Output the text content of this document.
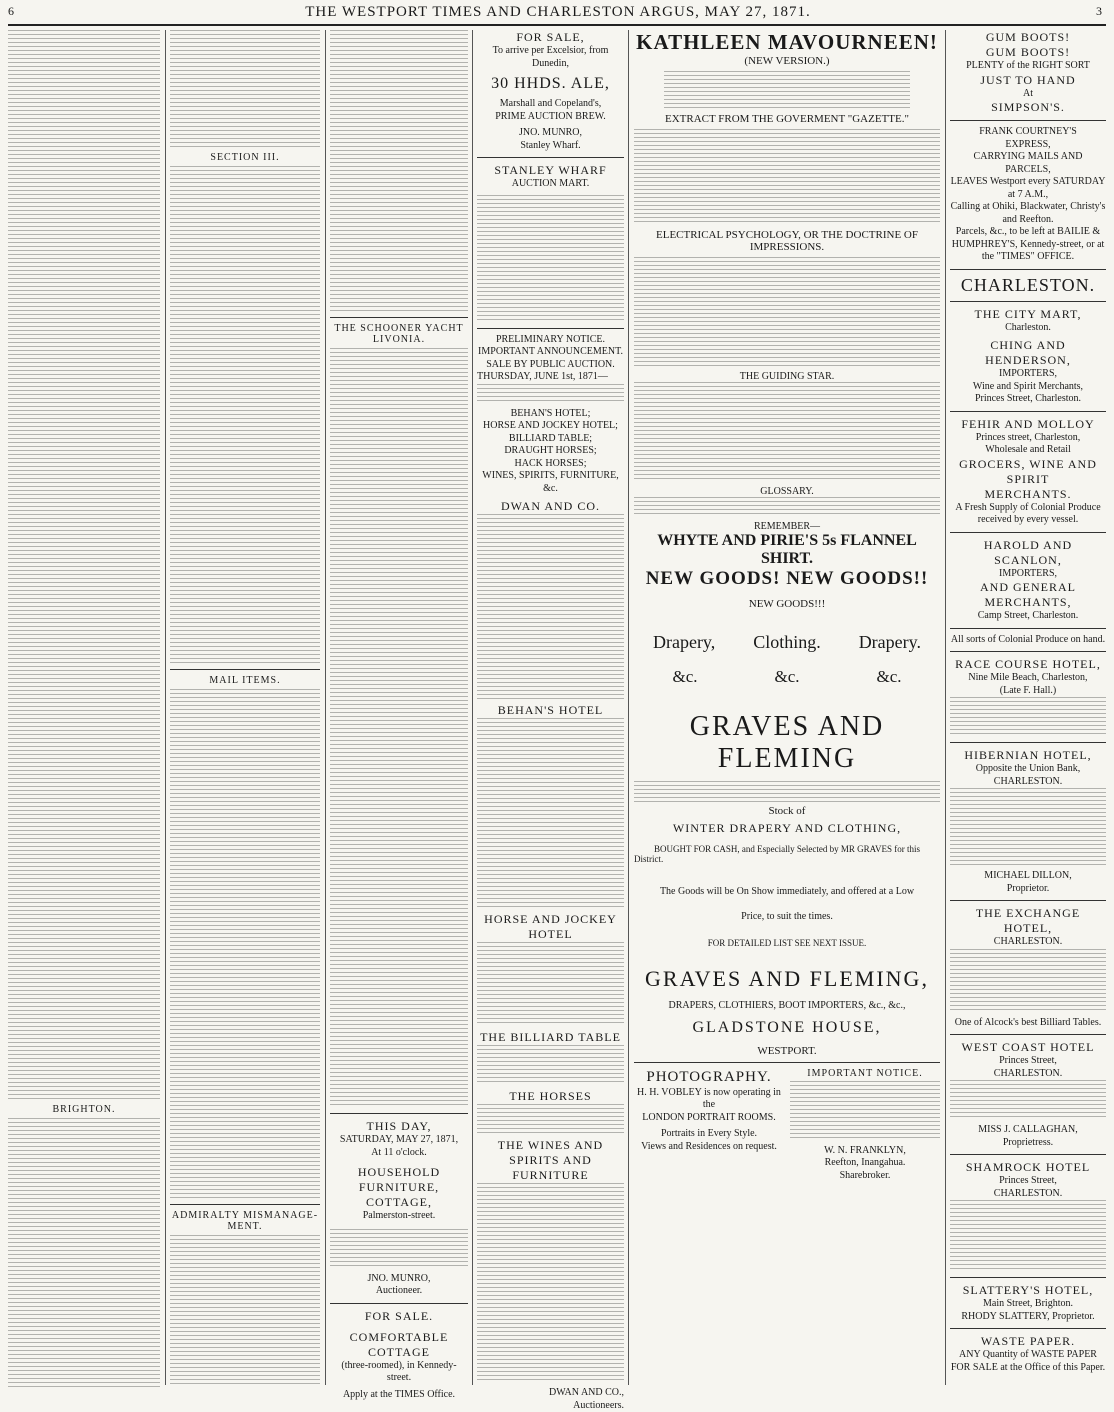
6	THE WESTPORT TIMES AND CHARLESTON ARGUS, MAY 27, 1871.	3
BRIGHTON.
SECTION III.
MAIL ITEMS.
ADMIRALTY MISMANAGE-MENT.
THE SCHOONER YACHT LIVONIA.
THIS DAY,
SATURDAY, MAY 27, 1871,
At 11 o'clock.
HOUSEHOLD FURNITURE, COTTAGE,
Palmerston-street.
JNO. MUNRO,
Auctioneer.
FOR SALE.
COMFORTABLE COTTAGE
(three-roomed), in Kennedy-street.
Apply at the TIMES Office.
FOR SALE,
To arrive per Excelsior, from Dunedin,
30 HHDS. ALE,
Marshall and Copeland's,
PRIME AUCTION BREW.
JNO. MUNRO,
Stanley Wharf.
STANLEY WHARF
AUCTION MART.
PRELIMINARY NOTICE.
IMPORTANT ANNOUNCEMENT.
SALE BY PUBLIC AUCTION.
THURSDAY, JUNE 1st, 1871—
BEHAN'S HOTEL;
HORSE AND JOCKEY HOTEL;
BILLIARD TABLE;
DRAUGHT HORSES;
HACK HORSES;
WINES, SPIRITS, FURNITURE, &c.
DWAN AND CO.
BEHAN'S HOTEL
HORSE AND JOCKEY HOTEL
THE BILLIARD TABLE
THE HORSES
THE WINES AND SPIRITS AND FURNITURE
DWAN AND CO.,
Auctioneers.
KATHLEEN MAVOURNEEN!
(NEW VERSION.)
EXTRACT FROM THE GOVERMENT "GAZETTE."
ELECTRICAL PSYCHOLOGY, OR THE DOCTRINE OF IMPRESSIONS.
THE GUIDING STAR.
GLOSSARY.
REMEMBER—
WHYTE AND PIRIE'S 5s FLANNEL SHIRT.
NEW GOODS! NEW GOODS!!
NEW GOODS!!!
Drapery, Clothing. Drapery.
&c.	&c.	&c.
GRAVES AND FLEMING
Stock of
WINTER DRAPERY AND CLOTHING,
BOUGHT FOR CASH, and Especially Selected by MR GRAVES for this
District.
The Goods will be On Show immediately, and offered at a Low
Price, to suit the times.
FOR DETAILED LIST SEE NEXT ISSUE.
GRAVES AND FLEMING,
DRAPERS, CLOTHIERS, BOOT IMPORTERS, &c., &c.,
GLADSTONE HOUSE,
WESTPORT.
PHOTOGRAPHY.
H. H. VOBLEY is now operating in the
LONDON PORTRAIT ROOMS.
Portraits in Every Style.
Views and Residences on request.
IMPORTANT NOTICE.
W. N. FRANKLYN,
Reefton, Inangahua.
Sharebroker.
GUM BOOTS!
GUM BOOTS!
PLENTY of the RIGHT SORT
JUST TO HAND
At
SIMPSON'S.
FRANK COURTNEY'S
EXPRESS,
CARRYING MAILS AND PARCELS,
LEAVES Westport every SATURDAY at 7 A.M.,
Calling at Ohiki, Blackwater, Christy's and Reefton.
Parcels, &c., to be left at BAILIE & HUMPHREY'S, Kennedy-street, or at the "TIMES" OFFICE.
CHARLESTON.
THE CITY MART,
Charleston.
CHING AND HENDERSON,
IMPORTERS,
Wine and Spirit Merchants,
Princes Street, Charleston.
FEHIR AND MOLLOY
Princes street, Charleston,
Wholesale and Retail
GROCERS, WINE AND SPIRIT
MERCHANTS.
A Fresh Supply of Colonial Produce received by every vessel.
HAROLD AND SCANLON,
IMPORTERS,
AND GENERAL MERCHANTS,
Camp Street, Charleston.
All sorts of Colonial Produce on hand.
RACE COURSE HOTEL,
Nine Mile Beach, Charleston,
(Late F. Hall.)
HIBERNIAN HOTEL,
Opposite the Union Bank,
CHARLESTON.
MICHAEL DILLON,
Proprietor.
THE EXCHANGE HOTEL,
CHARLESTON.
One of Alcock's best Billiard Tables.
WEST COAST HOTEL
Princes Street,
CHARLESTON.
MISS J. CALLAGHAN,
Proprietress.
SHAMROCK HOTEL
Princes Street,
CHARLESTON.
SLATTERY'S HOTEL,
Main Street, Brighton.
RHODY SLATTERY, Proprietor.
WASTE PAPER.
ANY Quantity of WASTE PAPER FOR SALE at the Office of this Paper.
